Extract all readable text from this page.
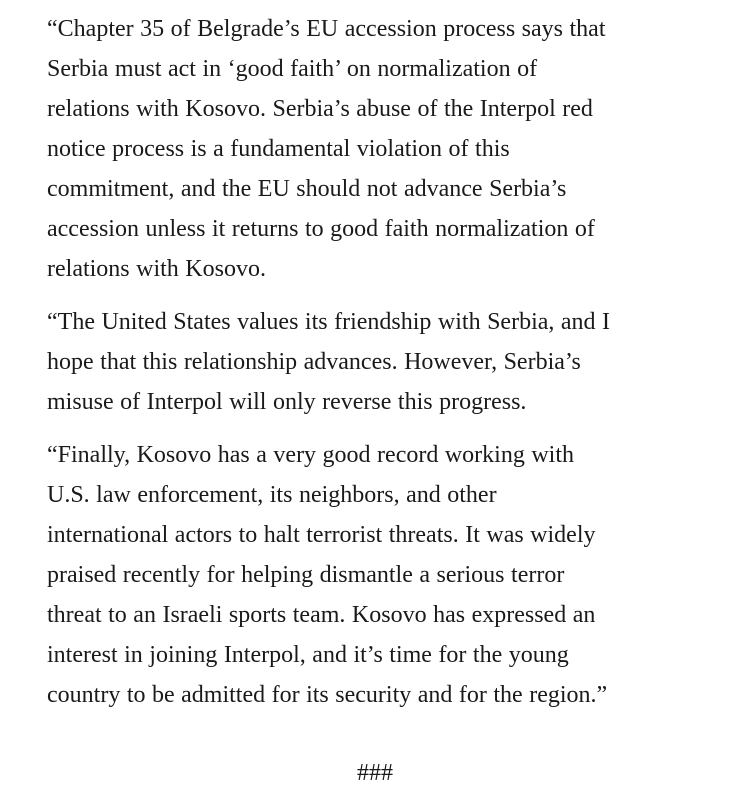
“Chapter 35 of Belgrade’s EU accession process says that
Serbia must act in ‘good faith’ on normalization of
relations with Kosovo. Serbia’s abuse of the Interpol red
notice process is a fundamental violation of this
commitment, and the EU should not advance Serbia’s
accession unless it returns to good faith normalization of
relations with Kosovo.

“The United States values its friendship with Serbia, and I
hope that this relationship advances. However, Serbia’s
misuse of Interpol will only reverse this progress.

“Finally, Kosovo has a very good record working with
U.S. law enforcement, its neighbors, and other
international actors to halt terrorist threats. It was widely
praised recently for helping dismantle a serious terror
threat to an Israeli sports team. Kosovo has expressed an
interest in joining Interpol, and it’s time for the young
country to be admitted for its security and for the region.”

###
